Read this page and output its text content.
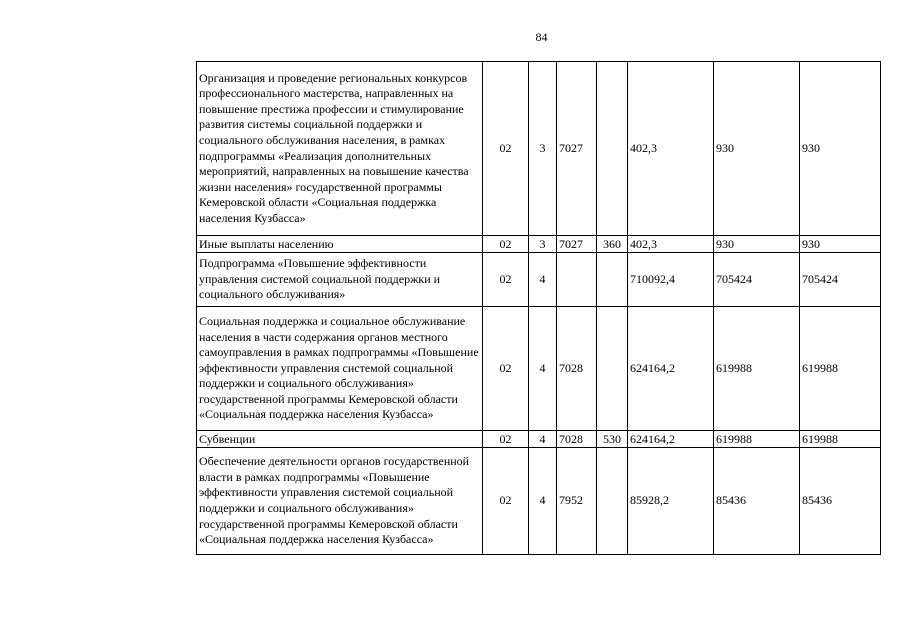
84
Организация и проведение региональных конкурсов профессионального мастерства, направленных на повышение престижа профессии и стимулирование развития системы социальной поддержки и социального обслуживания населения, в рамках подпрограммы «Реализация дополнительных мероприятий, направленных на повышение качества жизни населения» государственной программы Кемеровской области «Социальная поддержка населения Кузбасса»	02	3	7027		402,3	930	930
Иные выплаты населению	02	3	7027	360	402,3	930	930
Подпрограмма «Повышение эффективности управления системой социальной поддержки и социального обслуживания»	02	4			710092,4	705424	705424
Социальная поддержка и социальное обслуживание населения в части содержания органов местного самоуправления в рамках подпрограммы «Повышение эффективности управления системой социальной поддержки и социального обслуживания» государственной программы Кемеровской области «Социальная поддержка населения Кузбасса»	02	4	7028		624164,2	619988	619988
Субвенции	02	4	7028	530	624164,2	619988	619988
Обеспечение деятельности органов государственной власти в рамках подпрограммы «Повышение эффективности управления системой социальной поддержки и социального обслуживания» государственной программы Кемеровской области «Социальная поддержка населения Кузбасса»	02	4	7952		85928,2	85436	85436
